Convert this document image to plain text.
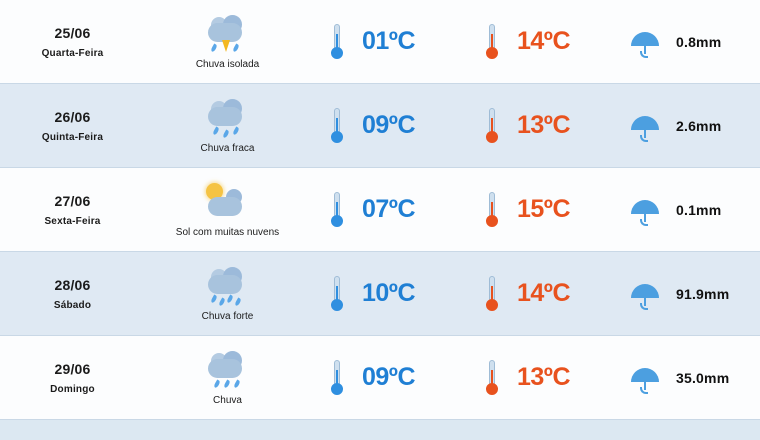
25/06
Quarta-Feira
Chuva isolada
01ºC	14ºC	0.8mm
26/06
Quinta-Feira
Chuva fraca
09ºC	13ºC	2.6mm
27/06
Sexta-Feira
Sol com muitas nuvens
07ºC	15ºC	0.1mm
28/06
Sábado
Chuva forte
10ºC	14ºC	91.9mm
29/06
Domingo
Chuva
09ºC	13ºC	35.0mm
